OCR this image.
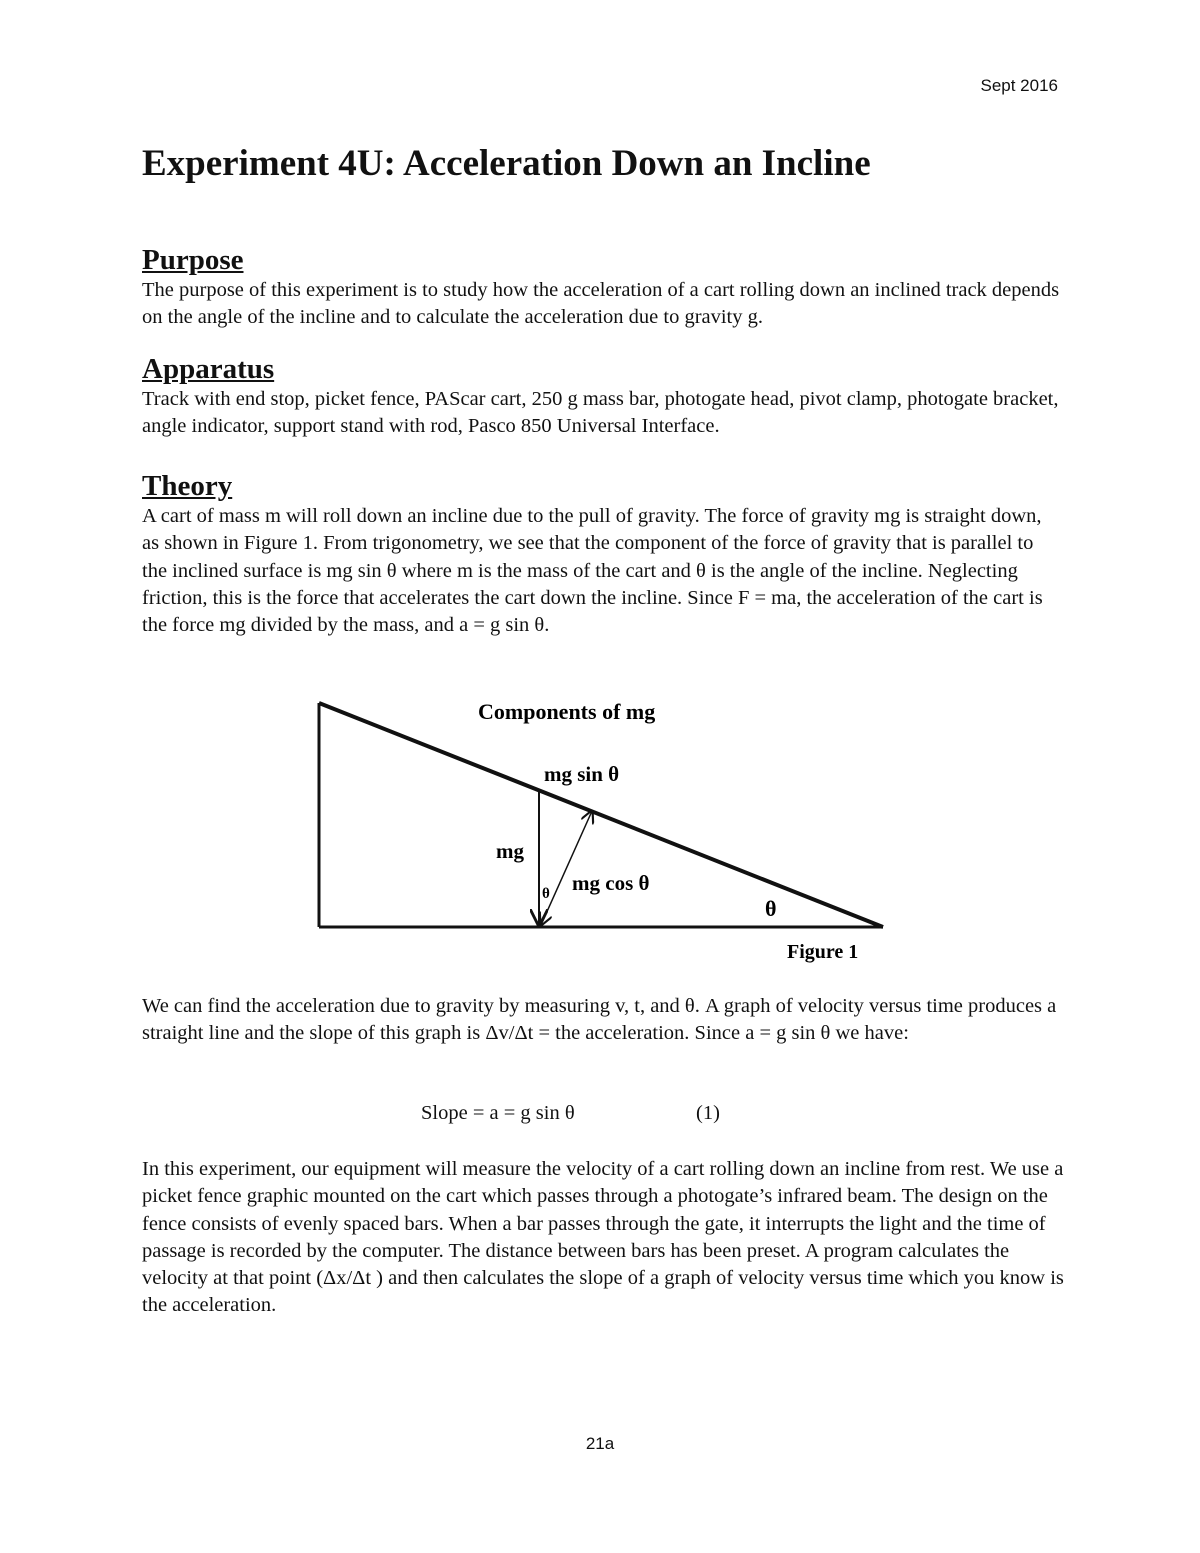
Sept 2016
Experiment 4U: Acceleration Down an Incline
Purpose

The purpose of this experiment is to study how the acceleration of a cart rolling down an inclined track depends on the angle of the incline and to calculate the acceleration due to gravity g.

Apparatus

Track with end stop, picket fence, PAScar cart, 250 g mass bar, photogate head, pivot clamp, photogate bracket, angle indicator, support stand with rod, Pasco 850 Universal Interface.

Theory

A cart of mass m will roll down an incline due to the pull of gravity. The force of gravity mg is straight down, as shown in Figure 1. From trigonometry, we see that the component of the force of gravity that is parallel to the inclined surface is mg sin θ where m is the mass of the cart and θ is the angle of the incline. Neglecting friction, this is the force that accelerates the cart down the incline. Since F = ma, the acceleration of the cart is the force mg divided by the mass, and a = g sin θ.

Components of mg
mg sin θ
mg
mg cos θ
θ
θ
Figure 1

We can find the acceleration due to gravity by measuring v, t, and θ. A graph of velocity versus time produces a straight line and the slope of this graph is Δv/Δt = the acceleration. Since a = g sin θ we have:

Slope = a = g sin θ	(1)

In this experiment, our equipment will measure the velocity of a cart rolling down an incline from rest. We use a picket fence graphic mounted on the cart which passes through a photogate’s infrared beam. The design on the fence consists of evenly spaced bars. When a bar passes through the gate, it interrupts the light and the time of passage is recorded by the computer. The distance between bars has been preset. A program calculates the velocity at that point (Δx/Δt ) and then calculates the slope of a graph of velocity versus time which you know is the acceleration.

21a
